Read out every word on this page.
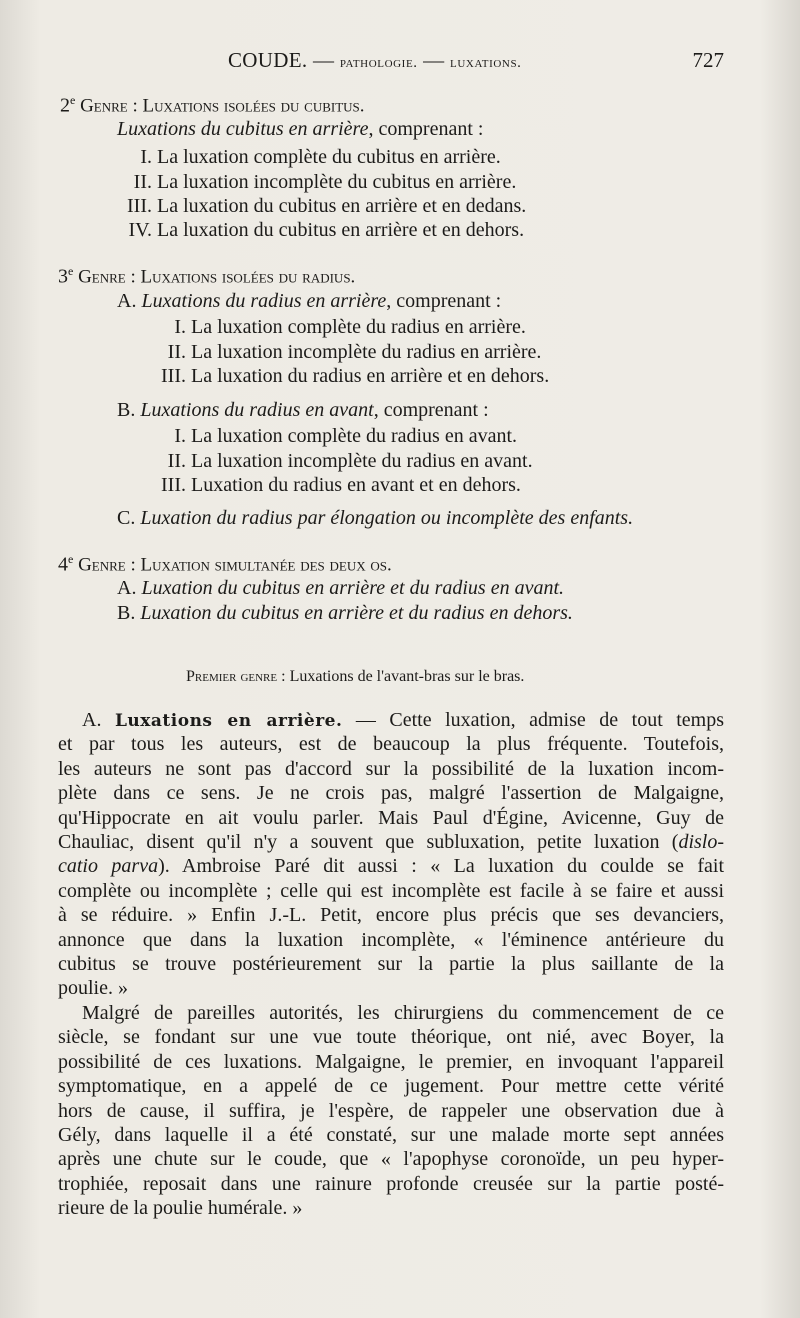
COUDE. — pathologie. — luxations.	727
2e Genre : Luxations isolées du cubitus.
Luxations du cubitus en arrière, comprenant :
I. La luxation complète du cubitus en arrière.
II. La luxation incomplète du cubitus en arrière.
III. La luxation du cubitus en arrière et en dedans.
IV. La luxation du cubitus en arrière et en dehors.
3e Genre : Luxations isolées du radius.
A. Luxations du radius en arrière, comprenant :
I. La luxation complète du radius en arrière.
II. La luxation incomplète du radius en arrière.
III. La luxation du radius en arrière et en dehors.
B. Luxations du radius en avant, comprenant :
I. La luxation complète du radius en avant.
II. La luxation incomplète du radius en avant.
III. Luxation du radius en avant et en dehors.
C. Luxation du radius par élongation ou incomplète des enfants.
4e Genre : Luxation simultanée des deux os.
A. Luxation du cubitus en arrière et du radius en avant.
B. Luxation du cubitus en arrière et du radius en dehors.
Premier genre : Luxations de l'avant-bras sur le bras.
A. Luxations en arrière. — Cette luxation, admise de tout temps
et par tous les auteurs, est de beaucoup la plus fréquente. Toutefois,
les auteurs ne sont pas d'accord sur la possibilité de la luxation incom-
plète dans ce sens. Je ne crois pas, malgré l'assertion de Malgaigne,
qu'Hippocrate en ait voulu parler. Mais Paul d'Égine, Avicenne, Guy de
Chauliac, disent qu'il n'y a souvent que subluxation, petite luxation (dislo-
catio parva). Ambroise Paré dit aussi : « La luxation du coulde se fait
complète ou incomplète ; celle qui est incomplète est facile à se faire et aussi
à se réduire. » Enfin J.-L. Petit, encore plus précis que ses devanciers,
annonce que dans la luxation incomplète, « l'éminence antérieure du
cubitus se trouve postérieurement sur la partie la plus saillante de la
poulie. »
Malgré de pareilles autorités, les chirurgiens du commencement de ce
siècle, se fondant sur une vue toute théorique, ont nié, avec Boyer, la
possibilité de ces luxations. Malgaigne, le premier, en invoquant l'appareil
symptomatique, en a appelé de ce jugement. Pour mettre cette vérité
hors de cause, il suffira, je l'espère, de rappeler une observation due à
Gély, dans laquelle il a été constaté, sur une malade morte sept années
après une chute sur le coude, que « l'apophyse coronoïde, un peu hyper-
trophiée, reposait dans une rainure profonde creusée sur la partie posté-
rieure de la poulie humérale. »
